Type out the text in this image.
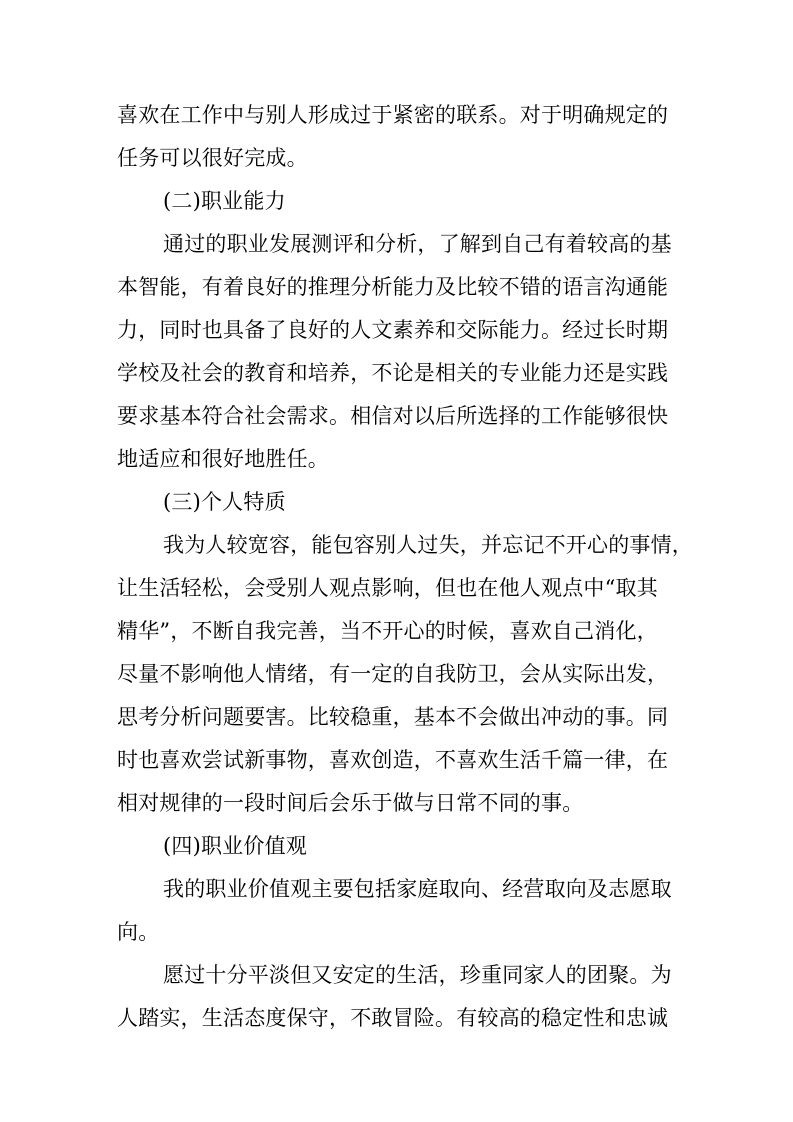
喜欢在工作中与别人形成过于紧密的联系。对于明确规定的
任务可以很好完成。
(二)职业能力
通过的职业发展测评和分析，了解到自己有着较高的基
本智能，有着良好的推理分析能力及比较不错的语言沟通能
力，同时也具备了良好的人文素养和交际能力。经过长时期
学校及社会的教育和培养，不论是相关的专业能力还是实践
要求基本符合社会需求。相信对以后所选择的工作能够很快
地适应和很好地胜任。
(三)个人特质
我为人较宽容，能包容别人过失，并忘记不开心的事情，
让生活轻松，会受别人观点影响，但也在他人观点中“取其
精华”，不断自我完善，当不开心的时候，喜欢自己消化，
尽量不影响他人情绪，有一定的自我防卫，会从实际出发，
思考分析问题要害。比较稳重，基本不会做出冲动的事。同
时也喜欢尝试新事物，喜欢创造，不喜欢生活千篇一律，在
相对规律的一段时间后会乐于做与日常不同的事。
(四)职业价值观
我的职业价值观主要包括家庭取向、经营取向及志愿取
向。
愿过十分平淡但又安定的生活，珍重同家人的团聚。为
人踏实，生活态度保守，不敢冒险。有较高的稳定性和忠诚
